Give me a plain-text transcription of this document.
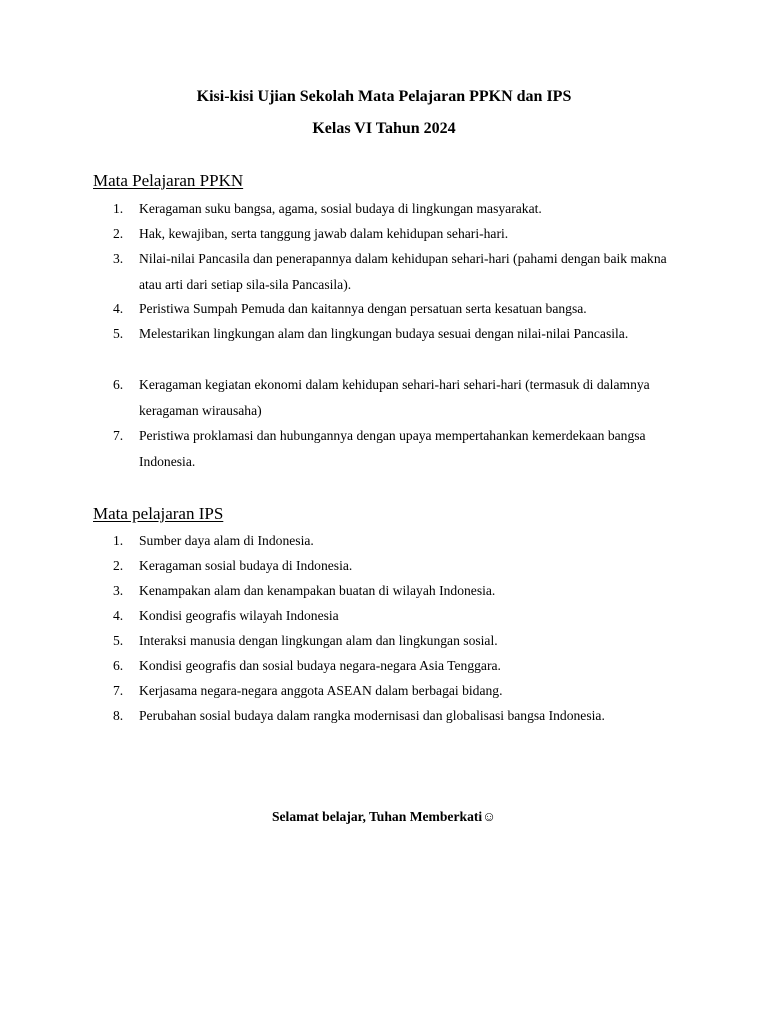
Kisi-kisi Ujian Sekolah Mata Pelajaran PPKN dan IPS
Kelas VI Tahun 2024
Mata Pelajaran PPKN
1.	Keragaman suku bangsa, agama, sosial budaya di lingkungan masyarakat.
2.	Hak, kewajiban, serta tanggung jawab dalam kehidupan sehari-hari.
3.	Nilai-nilai Pancasila dan penerapannya dalam kehidupan sehari-hari (pahami dengan baik makna atau arti dari setiap sila-sila Pancasila).
4.	Peristiwa Sumpah Pemuda dan kaitannya dengan persatuan serta kesatuan bangsa.
5.	Melestarikan lingkungan alam dan lingkungan budaya sesuai dengan nilai-nilai Pancasila.
6.	Keragaman kegiatan ekonomi dalam kehidupan sehari-hari sehari-hari (termasuk di dalamnya keragaman wirausaha)
7.	Peristiwa proklamasi dan hubungannya dengan upaya mempertahankan kemerdekaan bangsa Indonesia.
Mata pelajaran IPS
1.	Sumber daya alam di Indonesia.
2.	Keragaman sosial budaya di Indonesia.
3.	Kenampakan alam dan kenampakan buatan di wilayah Indonesia.
4.	Kondisi geografis wilayah Indonesia
5.	Interaksi manusia dengan lingkungan alam dan lingkungan sosial.
6.	Kondisi geografis dan sosial budaya negara-negara Asia Tenggara.
7.	Kerjasama negara-negara anggota ASEAN dalam berbagai bidang.
8.	Perubahan sosial budaya dalam rangka modernisasi dan globalisasi bangsa Indonesia.
Selamat belajar, Tuhan Memberkati☺
